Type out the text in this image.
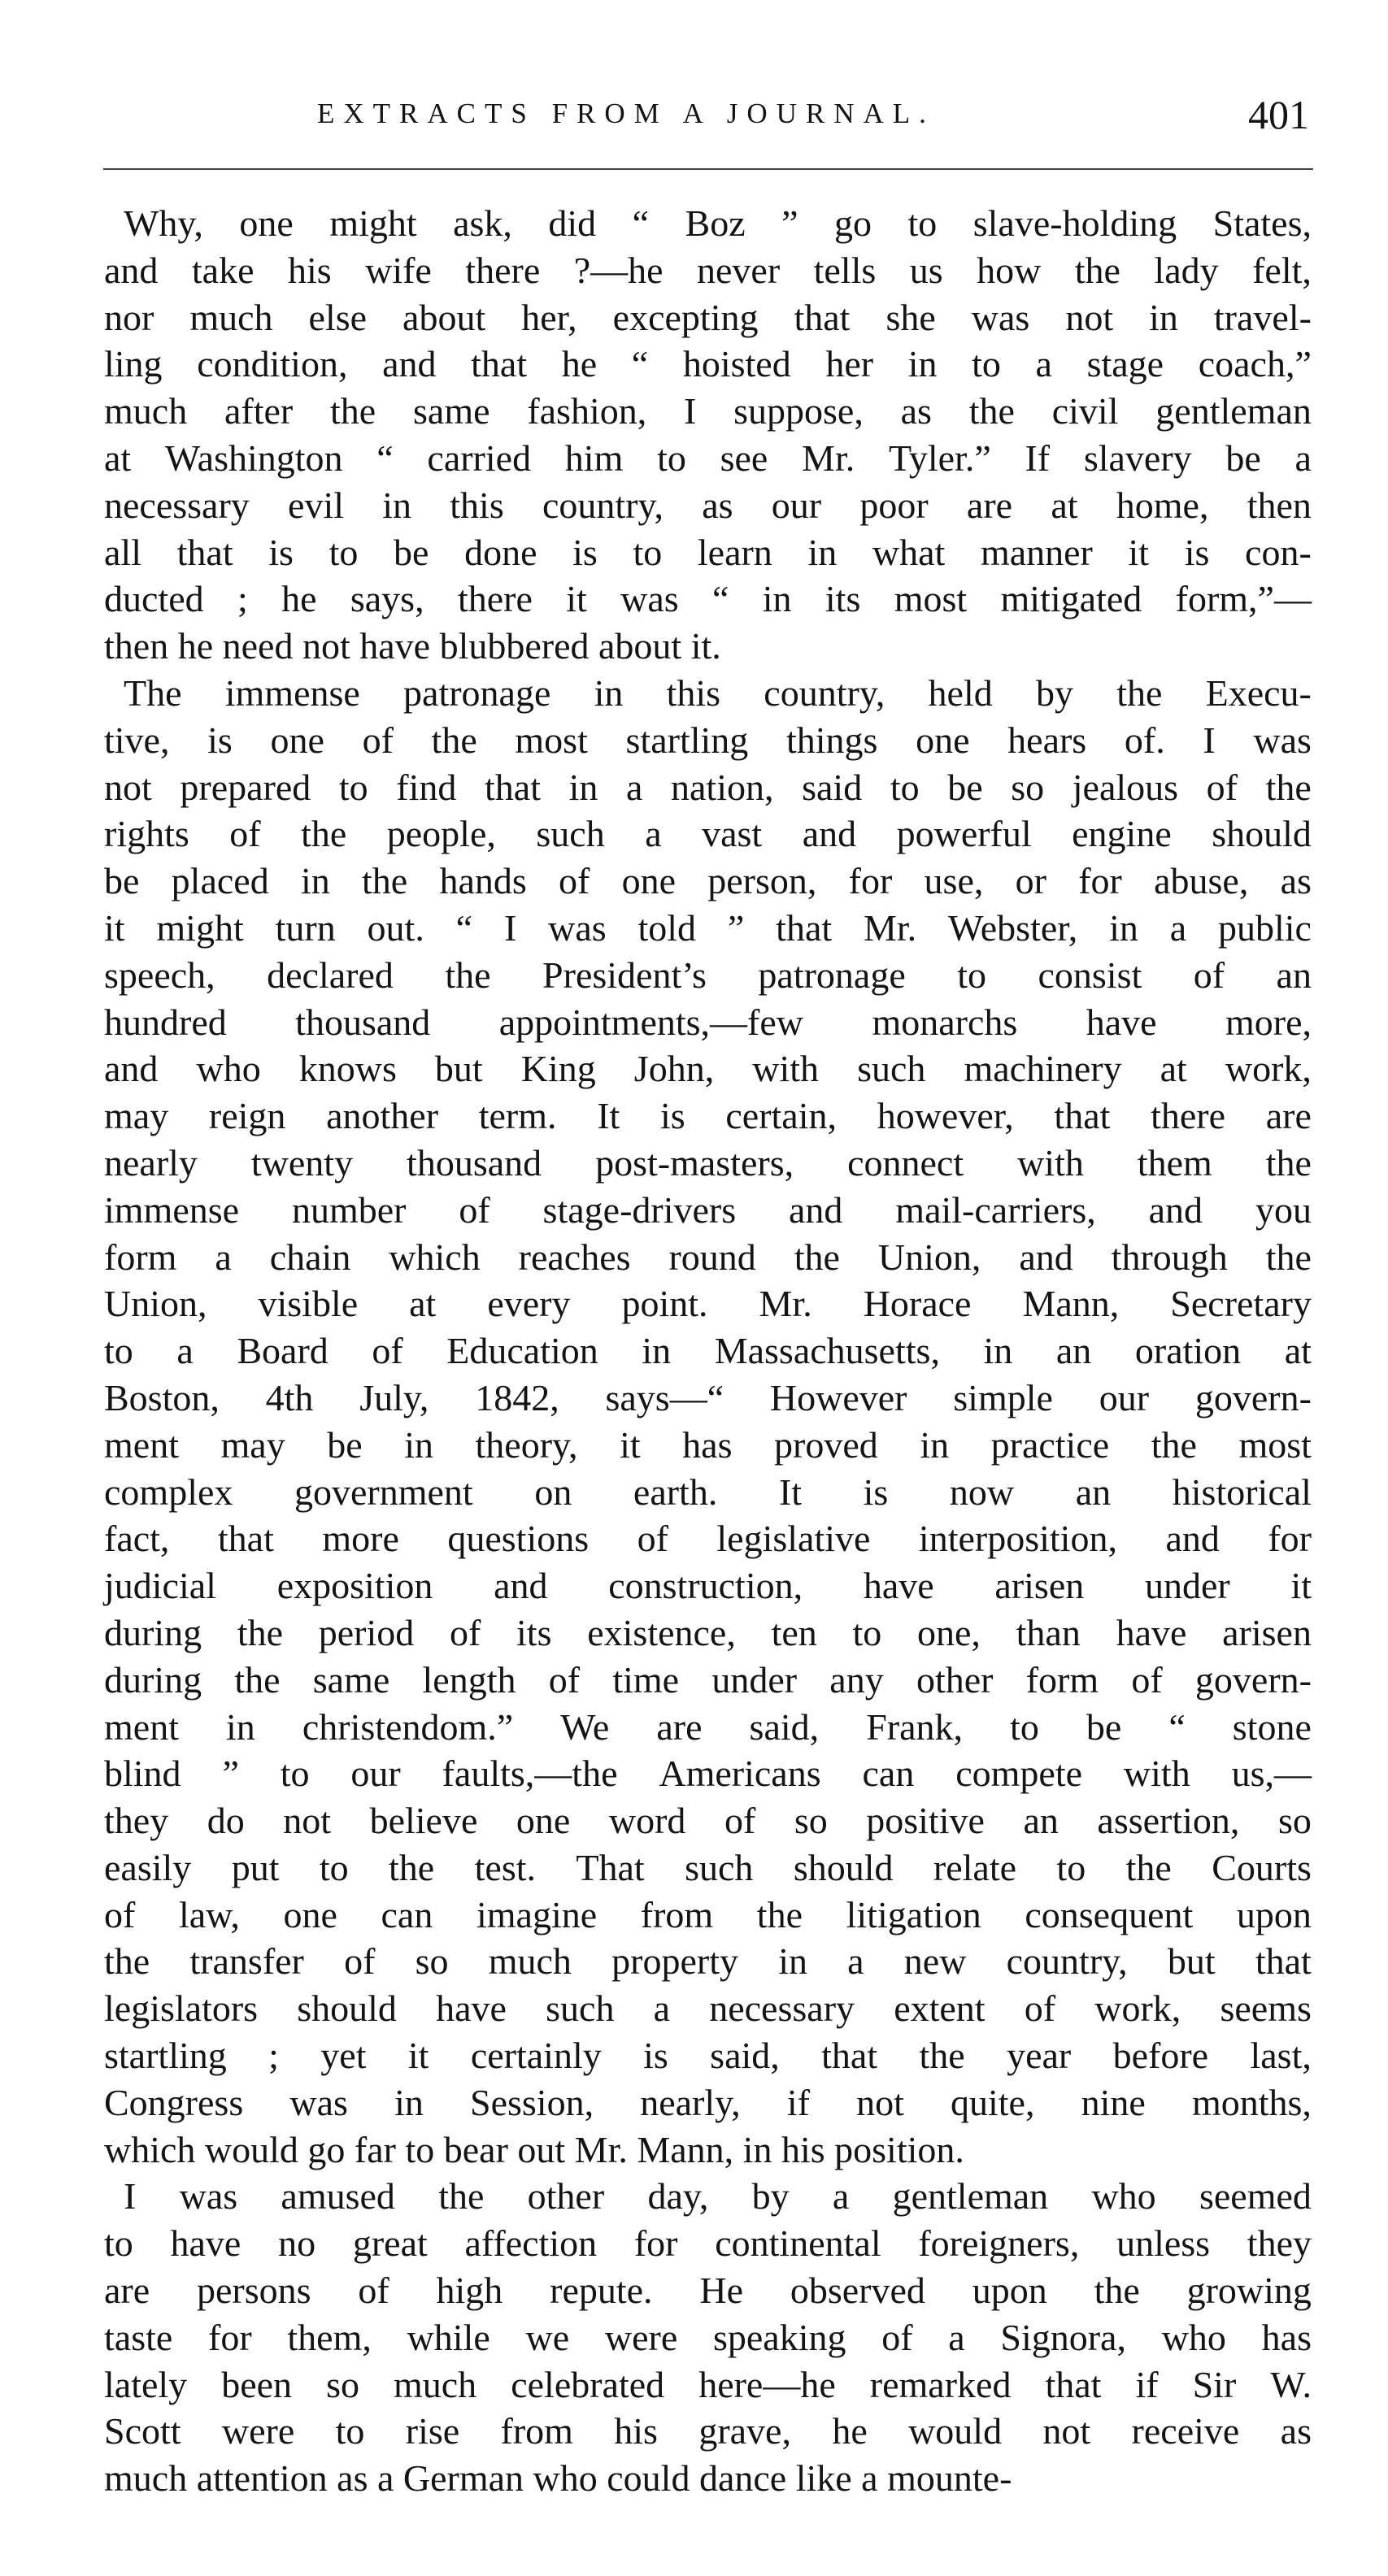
EXTRACTS FROM A JOURNAL.	401
Why, one might ask, did “ Boz ” go to slave-holding States,
and take his wife there ?—he never tells us how the lady felt,
nor much else about her, excepting that she was not in travel-
ling condition, and that he “ hoisted her in to a stage coach,”
much after the same fashion, I suppose, as the civil gentleman
at Washington “ carried him to see Mr. Tyler.” If slavery be a
necessary evil in this country, as our poor are at home, then
all that is to be done is to learn in what manner it is con-
ducted ; he says, there it was “ in its most mitigated form,”—
then he need not have blubbered about it.
The immense patronage in this country, held by the Execu-
tive, is one of the most startling things one hears of. I was
not prepared to find that in a nation, said to be so jealous of the
rights of the people, such a vast and powerful engine should
be placed in the hands of one person, for use, or for abuse, as
it might turn out. “ I was told ” that Mr. Webster, in a public
speech, declared the President’s patronage to consist of an
hundred thousand appointments,—few monarchs have more,
and who knows but King John, with such machinery at work,
may reign another term. It is certain, however, that there are
nearly twenty thousand post-masters, connect with them the
immense number of stage-drivers and mail-carriers, and you
form a chain which reaches round the Union, and through the
Union, visible at every point. Mr. Horace Mann, Secretary
to a Board of Education in Massachusetts, in an oration at
Boston, 4th July, 1842, says—“ However simple our govern-
ment may be in theory, it has proved in practice the most
complex government on earth. It is now an historical
fact, that more questions of legislative interposition, and for
judicial exposition and construction, have arisen under it
during the period of its existence, ten to one, than have arisen
during the same length of time under any other form of govern-
ment in christendom.” We are said, Frank, to be “ stone
blind ” to our faults,—the Americans can compete with us,—
they do not believe one word of so positive an assertion, so
easily put to the test. That such should relate to the Courts
of law, one can imagine from the litigation consequent upon
the transfer of so much property in a new country, but that
legislators should have such a necessary extent of work, seems
startling ; yet it certainly is said, that the year before last,
Congress was in Session, nearly, if not quite, nine months,
which would go far to bear out Mr. Mann, in his position.
I was amused the other day, by a gentleman who seemed
to have no great affection for continental foreigners, unless they
are persons of high repute. He observed upon the growing
taste for them, while we were speaking of a Signora, who has
lately been so much celebrated here—he remarked that if Sir W.
Scott were to rise from his grave, he would not receive as
much attention as a German who could dance like a mounte-
